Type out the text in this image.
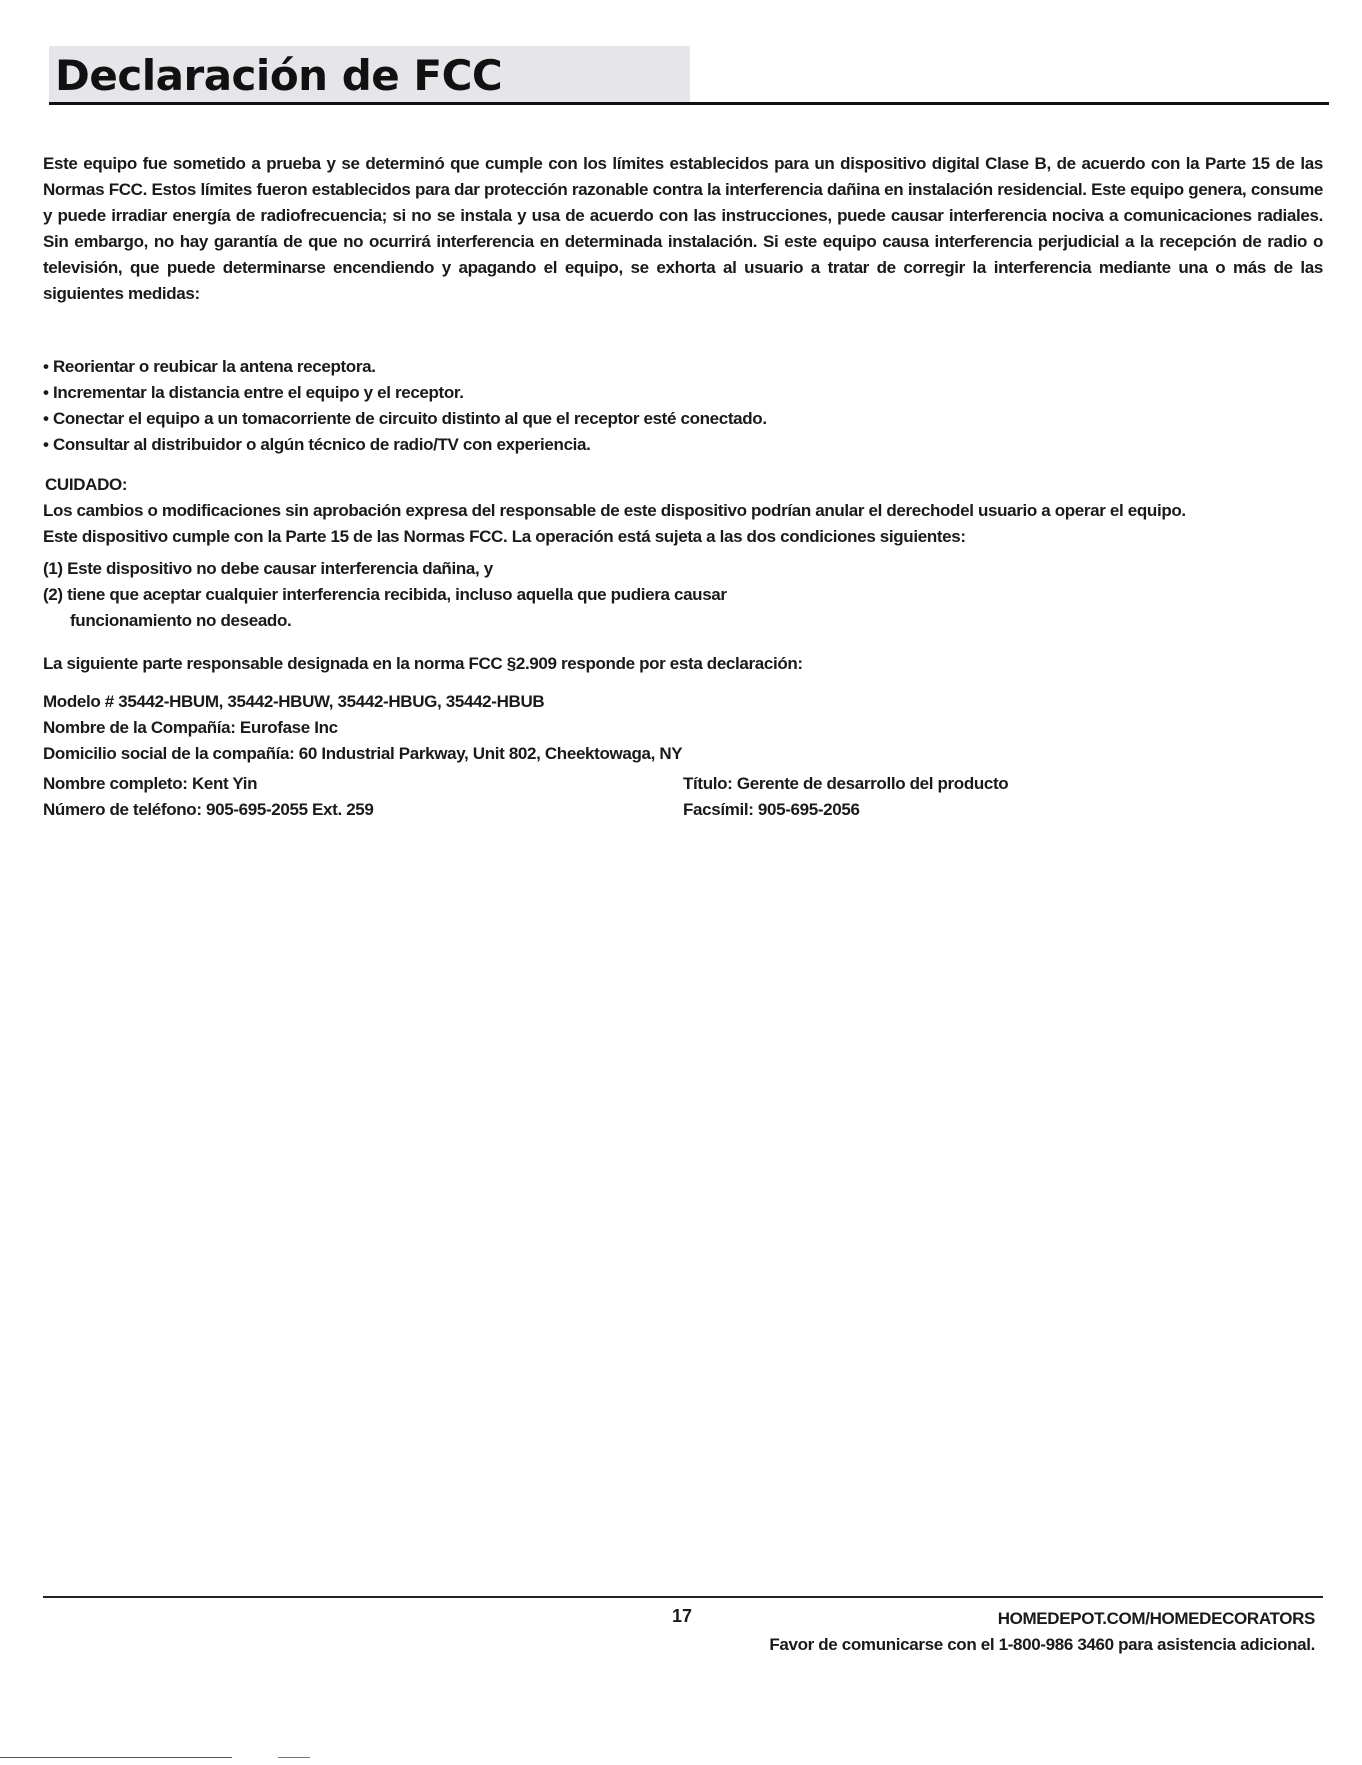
Declaración de FCC
Este equipo fue sometido a prueba y se determinó que cumple con los límites establecidos para un dispositivo digital Clase B, de acuerdo con la Parte 15 de las Normas FCC. Estos límites fueron establecidos para dar protección razonable contra la interferencia dañina en instalación residencial. Este equipo genera, consume y puede irradiar energía de radiofrecuencia; si no se instala y usa de acuerdo con las instrucciones, puede causar interferencia nociva a comunicaciones radiales. Sin embargo, no hay garantía de que no ocurrirá interferencia en determinada instalación. Si este equipo causa interferencia perjudicial a la recepción de radio o televisión, que puede determinarse encendiendo y apagando el equipo, se exhorta al usuario a tratar de corregir la interferencia mediante una o más de las siguientes medidas:
• Reorientar o reubicar la antena receptora.
• Incrementar la distancia entre el equipo y el receptor.
• Conectar el equipo a un tomacorriente de circuito distinto al que el receptor esté conectado.
• Consultar al distribuidor o algún técnico de radio/TV con experiencia.
CUIDADO:
Los cambios o modificaciones sin aprobación expresa del responsable de este dispositivo podrían anular el derechodel usuario a operar el equipo.
Este dispositivo cumple con la Parte 15 de las Normas FCC. La operación está sujeta a las dos condiciones siguientes:
(1) Este dispositivo no debe causar interferencia dañina, y
(2) tiene que aceptar cualquier interferencia recibida, incluso aquella que pudiera causar
funcionamiento no deseado.
La siguiente parte responsable designada en la norma FCC §2.909 responde por esta declaración:
Modelo # 35442-HBUM, 35442-HBUW, 35442-HBUG, 35442-HBUB
Nombre de la Compañía: Eurofase Inc
Domicilio social de la compañía: 60 Industrial Parkway, Unit 802, Cheektowaga, NY
Nombre completo: Kent Yin
Número de teléfono: 905-695-2055 Ext. 259
Título: Gerente de desarrollo del producto
Facsímil: 905-695-2056
17	HOMEDEPOT.COM/HOMEDECORATORS
Favor de comunicarse con el 1-800-986 3460 para asistencia adicional.
